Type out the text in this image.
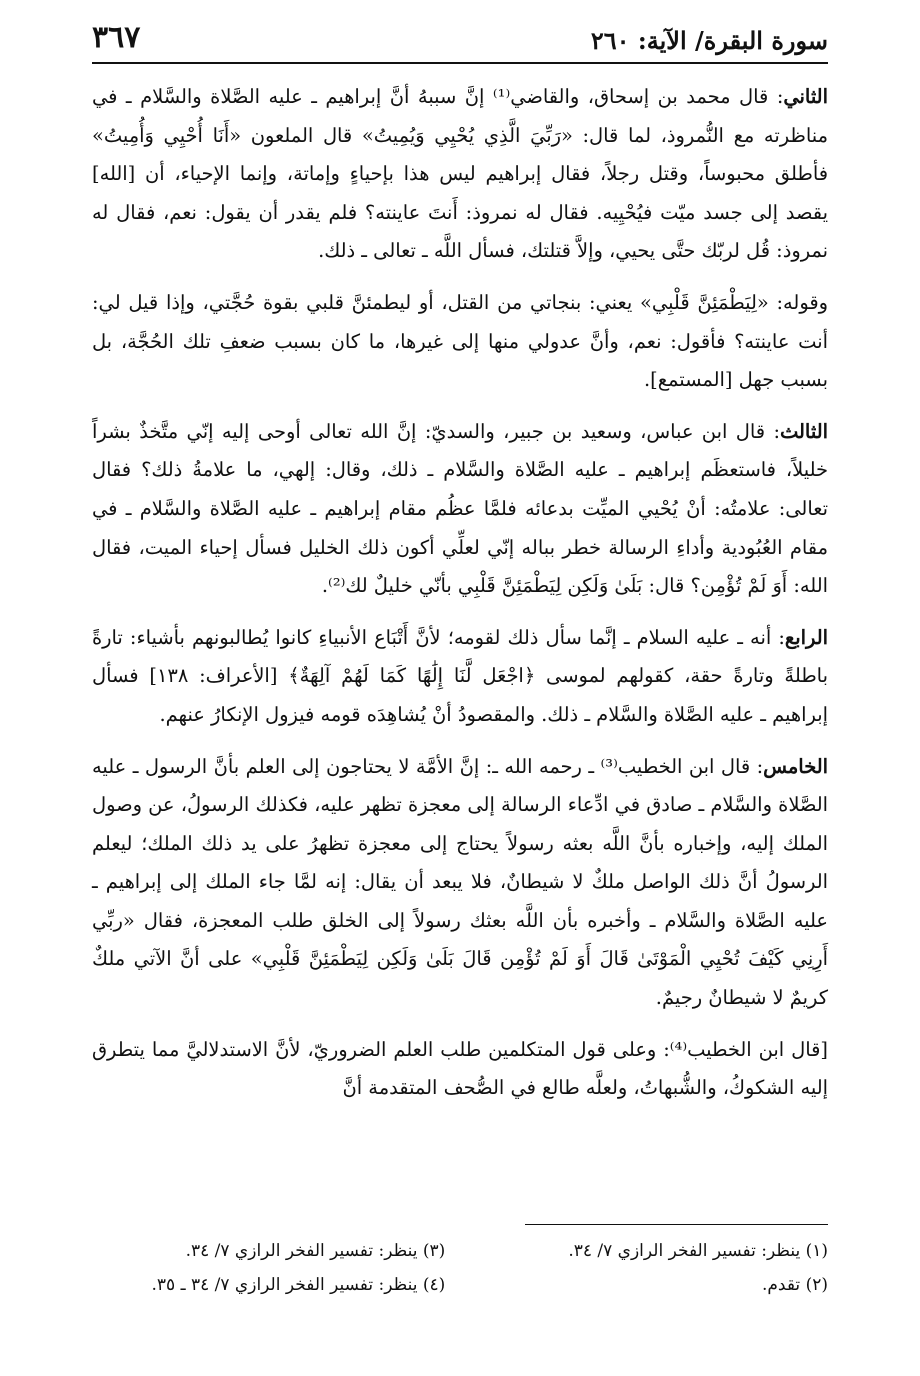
سورة البقرة/ الآية: ٢٦٠
٣٦٧

الثاني: قال محمد بن إسحاق، والقاضي⁽¹⁾ إنَّ سببهُ أنَّ إبراهيم ـ عليه الصَّلاة والسَّلام ـ في مناظرته مع النُّمروذ، لما قال: «رَبِّيَ الَّذِي يُحْيِي وَيُمِيتُ» قال الملعون «أَنَا أُحْيِي وَأُمِيتُ» فأطلق محبوساً، وقتل رجلاً، فقال إبراهيم ليس هذا بإحياءٍ وإماتة، وإنما الإحياء، أن [الله] يقصد إلى جسد ميّت فيُحْيِيه. فقال له نمروذ: أَنتَ عاينته؟ فلم يقدر أن يقول: نعم، فقال له نمروذ: قُل لربّك حتَّى يحيي، وإلاَّ قتلتك، فسأل اللَّه ـ تعالى ـ ذلك.

وقوله: «لِيَطْمَئِنَّ قَلْبِي» يعني: بنجاتي من القتل، أو ليطمئنَّ قلبي بقوة حُجَّتي، وإذا قيل لي: أنت عاينته؟ فأقول: نعم، وأنَّ عدولي منها إلى غيرها، ما كان بسبب ضعفِ تلك الحُجَّة، بل بسبب جهل [المستمع].

الثالث: قال ابن عباس، وسعيد بن جبير، والسديّ: إنَّ الله تعالى أوحى إليه إنّي متَّخذٌ بشراً خليلاً، فاستعظَم إبراهيم ـ عليه الصَّلاة والسَّلام ـ ذلك، وقال: إلهي، ما علامةُ ذلك؟ فقال تعالى: علامتُه: أنْ يُحْيي الميِّت بدعائه فلمَّا عظُم مقام إبراهيم ـ عليه الصَّلاة والسَّلام ـ في مقام العُبُودية وأداءِ الرسالة خطر بباله إنّي لعلِّي أكون ذلك الخليل فسأل إحياء الميت، فقال الله: أَوَ لَمْ تُؤْمِن؟ قال: بَلَىٰ وَلَكِن لِيَطْمَئِنَّ قَلْبِي بأنّي خليلٌ لك⁽²⁾.

الرابع: أنه ـ عليه السلام ـ إنَّما سأل ذلك لقومه؛ لأنَّ أَتْبَاع الأنبياءِ كانوا يُطالبونهم بأشياء: تارةً باطلةً وتارةً حقة، كقولهم لموسى ﴿اجْعَل لَّنَا إِلَٰهًا كَمَا لَهُمْ آلِهَةٌ﴾ [الأعراف: ١٣٨] فسأل إبراهيم ـ عليه الصَّلاة والسَّلام ـ ذلك. والمقصودُ أنْ يُشاهِدَه قومه فيزول الإنكارُ عنهم.

الخامس: قال ابن الخطيب⁽³⁾ ـ رحمه الله ـ: إنَّ الأمَّة لا يحتاجون إلى العلم بأنَّ الرسول ـ عليه الصَّلاة والسَّلام ـ صادق في ادِّعاء الرسالة إلى معجزة تظهر عليه، فكذلك الرسولُ، عن وصول الملك إليه، وإخباره بأنَّ اللَّه بعثه رسولاً يحتاج إلى معجزة تظهرُ على يد ذلك الملك؛ ليعلم الرسولُ أنَّ ذلك الواصل ملكٌ لا شيطانٌ، فلا يبعد أن يقال: إنه لمَّا جاء الملك إلى إبراهيم ـ عليه الصَّلاة والسَّلام ـ وأخبره بأن اللَّه بعثك رسولاً إلى الخلق طلب المعجزة، فقال «ربِّي أَرِنِي كَيْفَ تُحْيِي الْمَوْتَىٰ قَالَ أَوَ لَمْ تُؤْمِن قَالَ بَلَىٰ وَلَكِن لِيَطْمَئِنَّ قَلْبِي» على أنَّ الآتي ملكٌ كريمٌ لا شيطانٌ رجيمٌ.

[قال ابن الخطيب⁽⁴⁾: وعلى قول المتكلمين طلب العلم الضروريّ، لأنَّ الاستدلاليَّ مما يتطرق إليه الشكوكُ، والشُّبهاتُ، ولعلَّه طالع في الصُّحف المتقدمة أنَّ

(١) ينظر: تفسير الفخر الرازي ٧/ ٣٤.
(٢) تقدم.
(٣) ينظر: تفسير الفخر الرازي ٧/ ٣٤.
(٤) ينظر: تفسير الفخر الرازي ٧/ ٣٤ ـ ٣٥.
